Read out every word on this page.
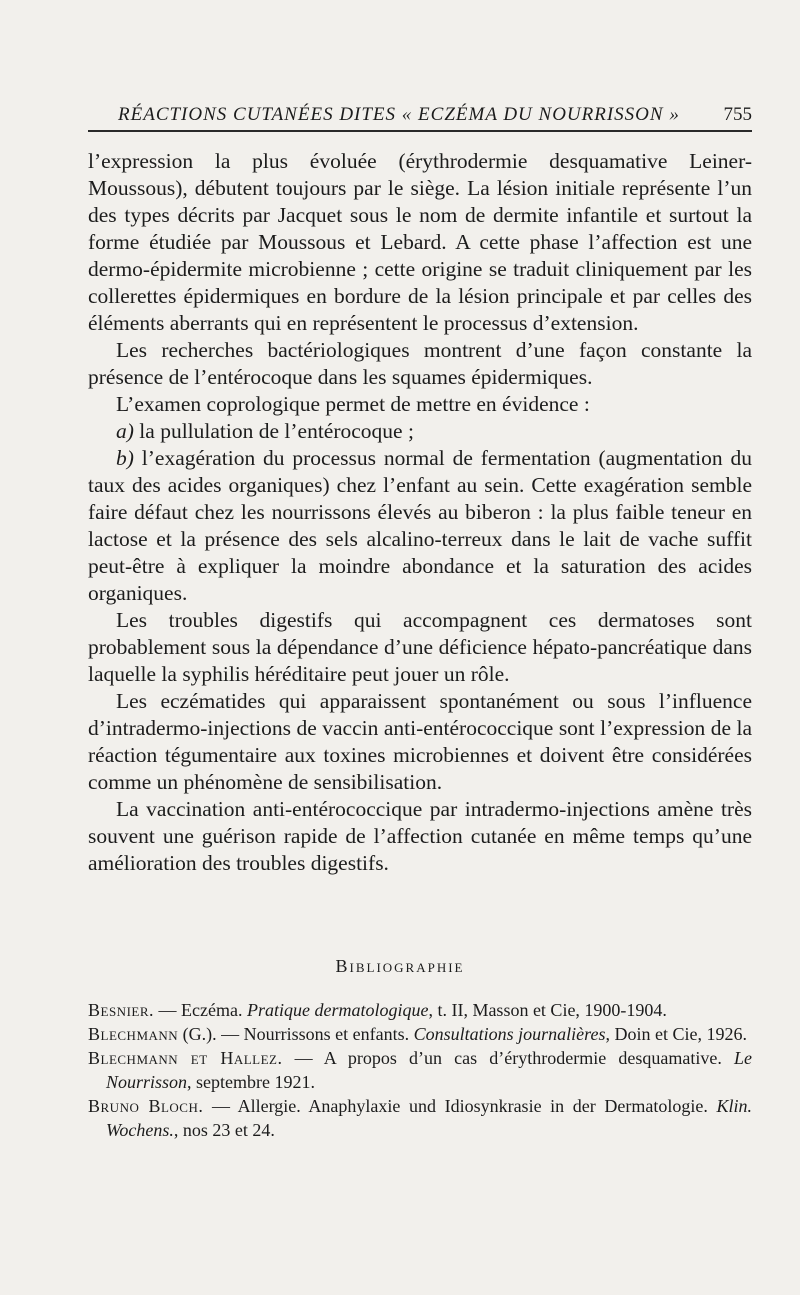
RÉACTIONS CUTANÉES DITES « ECZÉMA DU NOURRISSON » 755

l’expression la plus évoluée (érythrodermie desquamative Leiner-Moussous), débutent toujours par le siège. La lésion initiale représente l’un des types décrits par Jacquet sous le nom de dermite infantile et surtout la forme étudiée par Moussous et Lebard. A cette phase l’affection est une dermo-épidermite microbienne ; cette origine se traduit cliniquement par les collerettes épidermiques en bordure de la lésion principale et par celles des éléments aberrants qui en représentent le processus d’extension.

Les recherches bactériologiques montrent d’une façon constante la présence de l’entérocoque dans les squames épidermiques.

L’examen coprologique permet de mettre en évidence :

a) la pullulation de l’entérocoque ;

b) l’exagération du processus normal de fermentation (augmentation du taux des acides organiques) chez l’enfant au sein. Cette exagération semble faire défaut chez les nourrissons élevés au biberon : la plus faible teneur en lactose et la présence des sels alcalino-terreux dans le lait de vache suffit peut-être à expliquer la moindre abondance et la saturation des acides organiques.

Les troubles digestifs qui accompagnent ces dermatoses sont probablement sous la dépendance d’une déficience hépato-pancréatique dans laquelle la syphilis héréditaire peut jouer un rôle.

Les eczématides qui apparaissent spontanément ou sous l’influence d’intradermo-injections de vaccin anti-entérococcique sont l’expression de la réaction tégumentaire aux toxines microbiennes et doivent être considérées comme un phénomène de sensibilisation.

La vaccination anti-entérococcique par intradermo-injections amène très souvent une guérison rapide de l’affection cutanée en même temps qu’une amélioration des troubles digestifs.

Bibliographie

Besnier. — Eczéma. Pratique dermatologique, t. II, Masson et Cie, 1900-1904.

Blechmann (G.). — Nourrissons et enfants. Consultations journalières, Doin et Cie, 1926.

Blechmann et Hallez. — A propos d’un cas d’érythrodermie desquamative. Le Nourrisson, septembre 1921.

Bruno Bloch. — Allergie. Anaphylaxie und Idiosynkrasie in der Dermatologie. Klin. Wochens., nos 23 et 24.
